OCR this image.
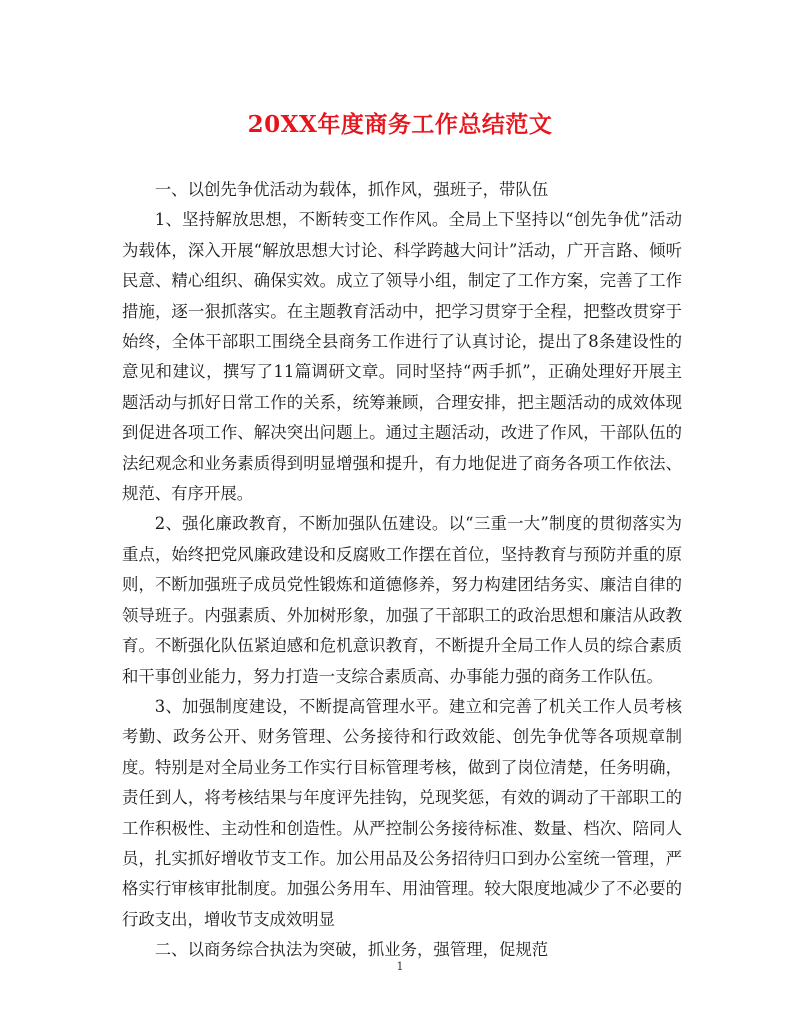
20XX年度商务工作总结范文

一、以创先争优活动为载体，抓作风，强班子，带队伍

1、坚持解放思想，不断转变工作作风。全局上下坚持以“创先争优”活动为载体，深入开展“解放思想大讨论、科学跨越大问计”活动，广开言路、倾听民意、精心组织、确保实效。成立了领导小组，制定了工作方案，完善了工作措施，逐一狠抓落实。在主题教育活动中，把学习贯穿于全程，把整改贯穿于始终，全体干部职工围绕全县商务工作进行了认真讨论，提出了8条建设性的意见和建议，撰写了11篇调研文章。同时坚持“两手抓”，正确处理好开展主题活动与抓好日常工作的关系，统筹兼顾，合理安排，把主题活动的成效体现到促进各项工作、解决突出问题上。通过主题活动，改进了作风，干部队伍的法纪观念和业务素质得到明显增强和提升，有力地促进了商务各项工作依法、规范、有序开展。

2、强化廉政教育，不断加强队伍建设。以“三重一大”制度的贯彻落实为重点，始终把党风廉政建设和反腐败工作摆在首位，坚持教育与预防并重的原则，不断加强班子成员党性锻炼和道德修养，努力构建团结务实、廉洁自律的领导班子。内强素质、外加树形象，加强了干部职工的政治思想和廉洁从政教育。不断强化队伍紧迫感和危机意识教育，不断提升全局工作人员的综合素质和干事创业能力，努力打造一支综合素质高、办事能力强的商务工作队伍。

3、加强制度建设，不断提高管理水平。建立和完善了机关工作人员考核考勤、政务公开、财务管理、公务接待和行政效能、创先争优等各项规章制度。特别是对全局业务工作实行目标管理考核，做到了岗位清楚，任务明确，责任到人，将考核结果与年度评先挂钩，兑现奖惩，有效的调动了干部职工的工作积极性、主动性和创造性。从严控制公务接待标准、数量、档次、陪同人员，扎实抓好增收节支工作。加公用品及公务招待归口到办公室统一管理，严格实行审核审批制度。加强公务用车、用油管理。较大限度地减少了不必要的行政支出，增收节支成效明显

二、以商务综合执法为突破，抓业务，强管理，促规范

1
